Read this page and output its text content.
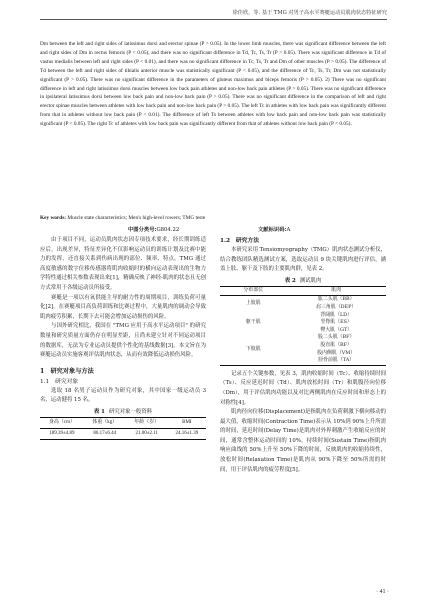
徐佳欣，等. 基于 TMG 对男子高水平赛艇运动员肌肉状态特征研究
Dm between the left and right sides of latissimus dorsi and erector spinae (P > 0.05). In the lower limb muscles, there was significant difference between the left and right sides of Dm in rectus femoris (P < 0.05), and there was no significant difference in Td, Tc, Ts, Tr (P > 0.05). There was significant difference in Td of vastus medialis between left and right sides (P < 0.01), and there was no significant difference in Tc, Ts, Tr and Dm of other muscles (P > 0.05). The difference of Td between the left and right sides of tibialis anterior muscle was statistically significant (P < 0.05), and the difference of Tc, Ts, Tr, Dm was not statistically significant (P > 0.05). There was no significant difference in the parameters of gluteus maximus and biceps femoris (P > 0.05). 2) There was no significant difference in left and right latissimus dorsi muscles between low back pain athletes and non-low back pain athletes (P > 0.05). There was no significant difference in ipsilateral latissimus dorsi between low back pain and non-low back pain (P > 0.05). There was no significant difference in the comparison of left and right erector spinae muscles between athletes with low back pain and non-low back pain (P > 0.05). The left Tc in athletes with low back pain was significantly different from that in athletes without low back pain (P < 0.01). The difference of left Ts between athletes with low back pain and non-low back pain was statistically significant (P < 0.05). The right Tc of athletes with low back pain was significantly different from that of athletes without low back pain (P < 0.05).
Key words: Muscle state characteristics; Men's high-level rowers; TMG teste
中图分类号:G804.22	文献标识码:A

由于项目不同，运动员肌肉状态因专项技术要求，经长期训练适应后，出现差异，特征差异化不仅影响运动员的训练计划及比赛中能力的发挥，还直接关系到伤病出现的部位、频率、特点。TMG 通过高度敏感的数字位移传感器将肌肉收缩时的横向运动表现出的生物力学特性通过相关参数表现出来[1]，精确反映了神经-肌肉的状态且无创方式常用于各级运动员所接受。

赛艇是一项以有氧供能主导的耐力性的周期项目，训练负荷可量化[2]。在赛艇项目高负荷训练和比赛过程中，大量肌肉的调动会导致肌肉疲劳积累，长期下去可能会增加运动损伤的风险。

与国外研究相比，我国在 "TMG 应用于高水平运动项目" 的研究数量和研究质量方面仍存在明显差距，且尚未建立针对不同运动项目的数据库，无法为专业运动员提供个性化的基线数据[3]。本文旨在为赛艇运动员实施客观评估肌肉状态，从而有效降低运动损伤风险。

1　研究对象与方法

1.1　研究对象

选取 18 名男子运动员作为研究对象，其中国家一级运动员 3 名，运动健将 15 名。

表 1 研究对象一般资料

身高（cm）	体重（kg）	年龄（岁）	BMI
189.39±4.89	86.17±6.44	21.00±2.11	24.16±1.39

1.2　研究方法

本研究采用 Tensiomyography（TMG）肌肉状态测试分析仪，结合教练团队精选测试方案，选取运动员 9 块关键肌肉进行评估，涵盖上肢、躯干及下肢的主要肌肉群，见表 2。

表 2 测试肌肉

分布部位	肌肉
上肢肌	肱二头肌（BB）
	肩三角肌（DEP）
躯干肌	背阔肌（LD）
	竖脊肌（ES）
	臀大肌（GT）
下肢肌	股二头肌（BF）
	股直肌（RF）
	股内侧肌（VM）
	胫骨前肌（TA）

记录五个关键参数，见表 3，肌肉收缩时间（Tc）、收缩持续时间（Ts）、反应延迟时间（Td）、肌肉放松时间（Tr）和肌腹径向位移（Dm），用于评估肌肉功能以及对比两侧肌肉在反应时间和形态上的对称性[4]。

肌肉径向位移(Displacement)是指肌肉在负荷刺激下横向移动的最大值，收缩时间(Contraction Time)表示从 10%到 90%上升所需的时间，延迟时间(Delay Time)是肌肉对外界刺激产生收缩反应的时间，通常含整体运动时间的 10%，持续时间(Sustain Time)指肌肉响应曲线的 50%上升至 50%下降的时间，反映肌肉的收缩持续性，放松时间(Relaxation Time)是肌肉从 90%下降至 50%所需的时间，用于评估肌肉的疲劳程度[5]。

· 41 ·
